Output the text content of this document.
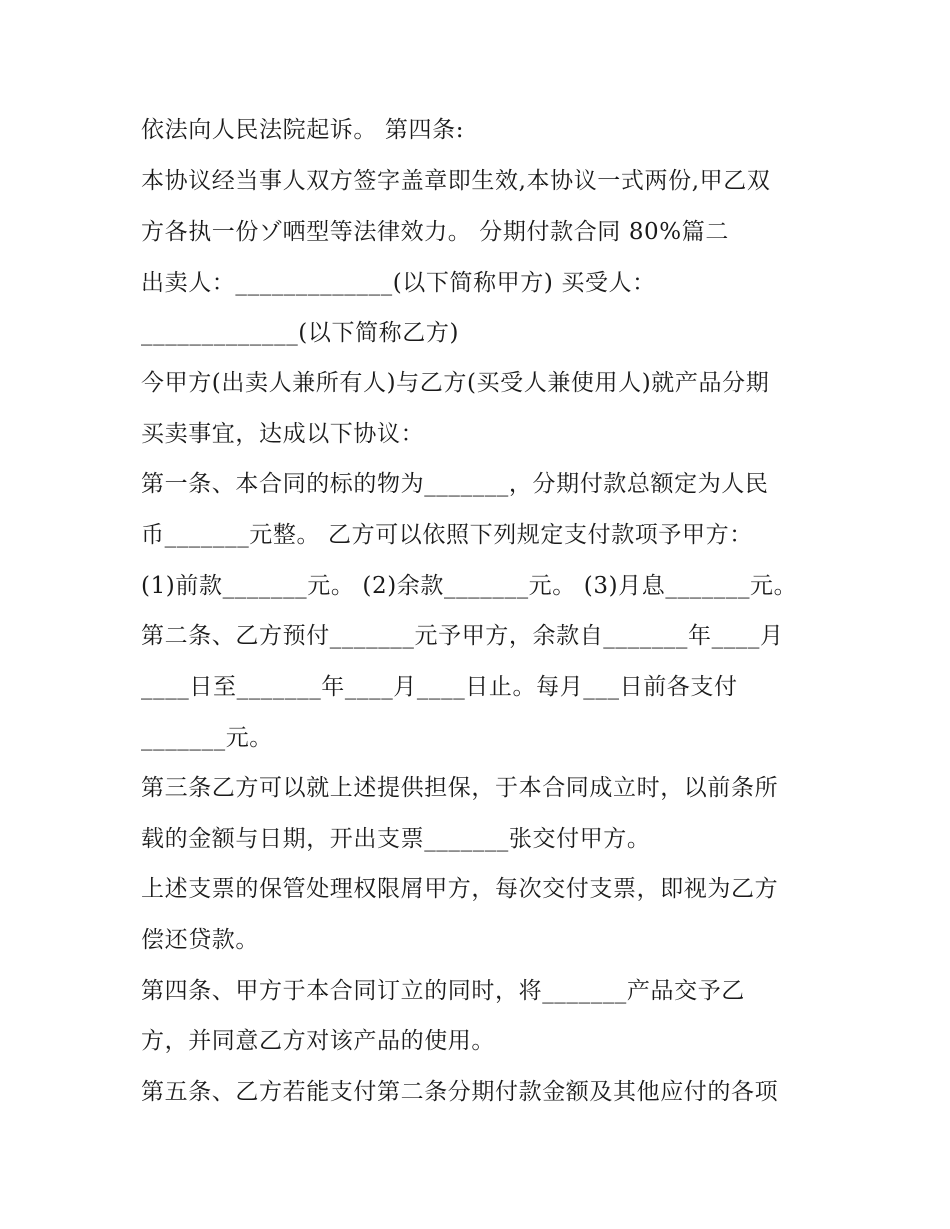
依法向人民法院起诉。 第四条:
本协议经当事人双方签字盖章即生效,本协议一式两份,甲乙双
方各执一份ゾ哂型等法律效力。 分期付款合同 80%篇二
出卖人：_____________(以下简称甲方) 买受人：
_____________(以下简称乙方)
今甲方(出卖人兼所有人)与乙方(买受人兼使用人)就产品分期
买卖事宜，达成以下协议：
第一条、本合同的标的物为_______，分期付款总额定为人民
币_______元整。 乙方可以依照下列规定支付款项予甲方：
(1)前款_______元。 (2)余款_______元。 (3)月息_______元。
第二条、乙方预付_______元予甲方，余款自_______年____月
____日至_______年____月____日止。每月___日前各支付
_______元。
第三条乙方可以就上述提供担保，于本合同成立时，以前条所
载的金额与日期，开出支票_______张交付甲方。
上述支票的保管处理权限屑甲方，每次交付支票，即视为乙方
偿还贷款。
第四条、甲方于本合同订立的同时，将_______产品交予乙
方，并同意乙方对该产品的使用。
第五条、乙方若能支付第二条分期付款金额及其他应付的各项
